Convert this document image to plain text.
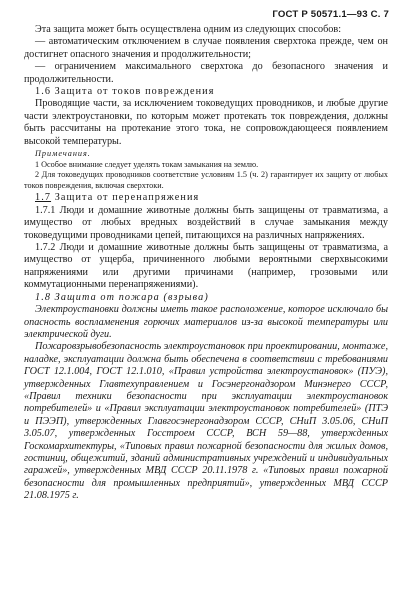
ГОСТ Р 50571.1—93 С. 7

Эта защита может быть осуществлена одним из следующих способов:

— автоматическим отключением в случае появления сверхтока прежде, чем он достигнет опасного значения и продолжительности;

— ограничением максимального сверхтока до безопасного значения и продолжительности.

1.6 Защита от токов повреждения

Проводящие части, за исключением токоведущих проводников, и любые другие части электроустановки, по которым может протекать ток повреждения, должны быть рассчитаны на протекание этого тока, не сопровождающееся появлением высокой температуры.

Примечания.

1 Особое внимание следует уделять токам замыкания на землю.

2 Для токоведущих проводников соответствие условиям 1.5 (ч. 2) гарантирует их защиту от любых токов повреждения, включая сверхтоки.

1.7 Защита от перенапряжения

1.7.1 Люди и домашние животные должны быть защищены от травматизма, а имущество от любых вредных воздействий в случае замыкания между токоведущими проводниками цепей, питающихся на различных напряжениях.

1.7.2 Люди и домашние животные должны быть защищены от травматизма, а имущество от ущерба, причиненного любыми вероятными сверхвысокими напряжениями или другими причинами (например, грозовыми или коммутационными перенапряжениями).

1.8 Защита от пожара (взрыва)

Электроустановки должны иметь такое расположение, которое исключало бы опасность воспламенения горючих материалов из-за высокой температуры или электрической дуги.

Пожаровзрывобезопасность электроустановок при проектировании, монтаже, наладке, эксплуатации должна быть обеспечена в соответствии с требованиями ГОСТ 12.1.004, ГОСТ 12.1.010, «Правил устройства электроустановок» (ПУЭ), утвержденных Главтехуправлением и Госэнергонадзором Минэнерго СССР, «Правил техники безопасности при эксплуатации электроустановок потребителей» и «Правил эксплуатации электроустановок потребителей» (ПТЭ и ПЭЭП), утвержденных Главгосэнергонадзором СССР, СНиП 3.05.06, СНиП 3.05.07, утвержденных Госстроем СССР, ВСН 59—88, утвержденных Госкомархитектуры, «Типовых правил пожарной безопасности для жилых домов, гостиниц, общежитий, зданий административных учреждений и индивидуальных гаражей», утвержденных МВД СССР 20.11.1978 г. «Типовых правил пожарной безопасности для промышленных предприятий», утвержденных МВД СССР 21.08.1975 г.
